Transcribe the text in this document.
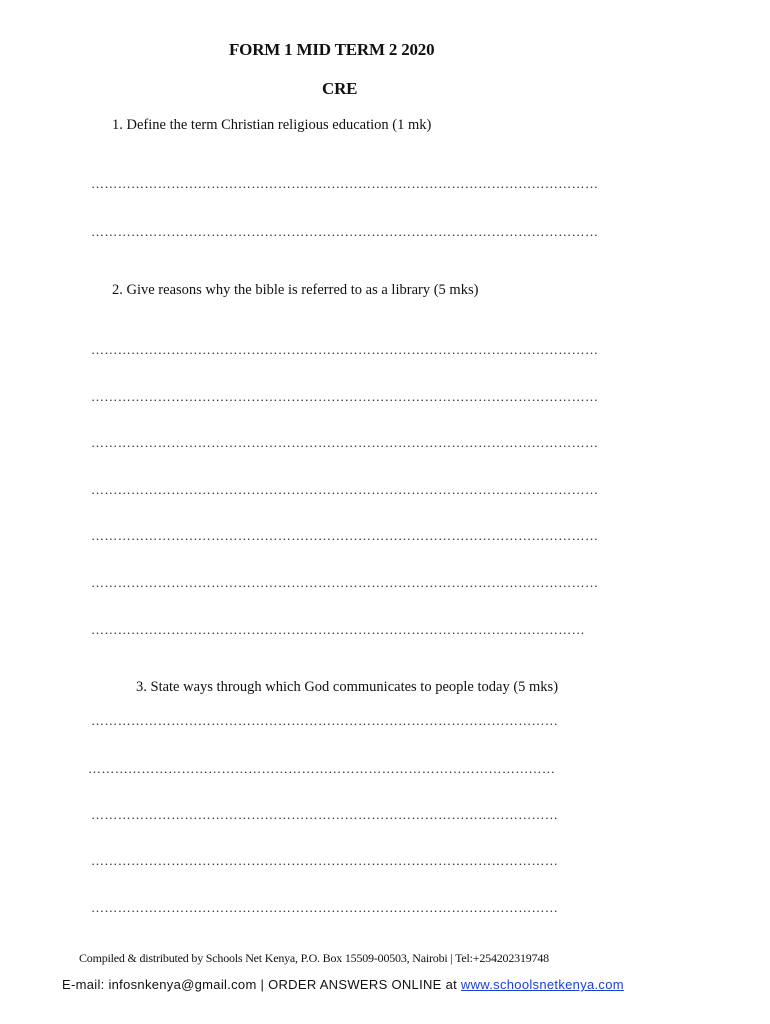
FORM 1 MID TERM 2 2020
CRE
1. Define the term Christian religious education (1 mk)
……………………………………………………………………………………………………
……………………………………………………………………………………………………
2. Give reasons why the bible is referred to as a library (5 mks)
……………………………………………………………………………………………………
……………………………………………………………………………………………………
……………………………………………………………………………………………………
……………………………………………………………………………………………………
……………………………………………………………………………………………………
……………………………………………………………………………………………………
…………………………………………………………………………………………………
3. State ways through which God communicates to people today (5 mks)
……………………………………………………………………………………………
……………………………………………………………………………………………
……………………………………………………………………………………………
……………………………………………………………………………………………
……………………………………………………………………………………………
Compiled & distributed by Schools Net Kenya, P.O. Box 15509-00503, Nairobi | Tel:+254202319748
E-mail: infosnkenya@gmail.com | ORDER ANSWERS ONLINE at www.schoolsnetkenya.com
